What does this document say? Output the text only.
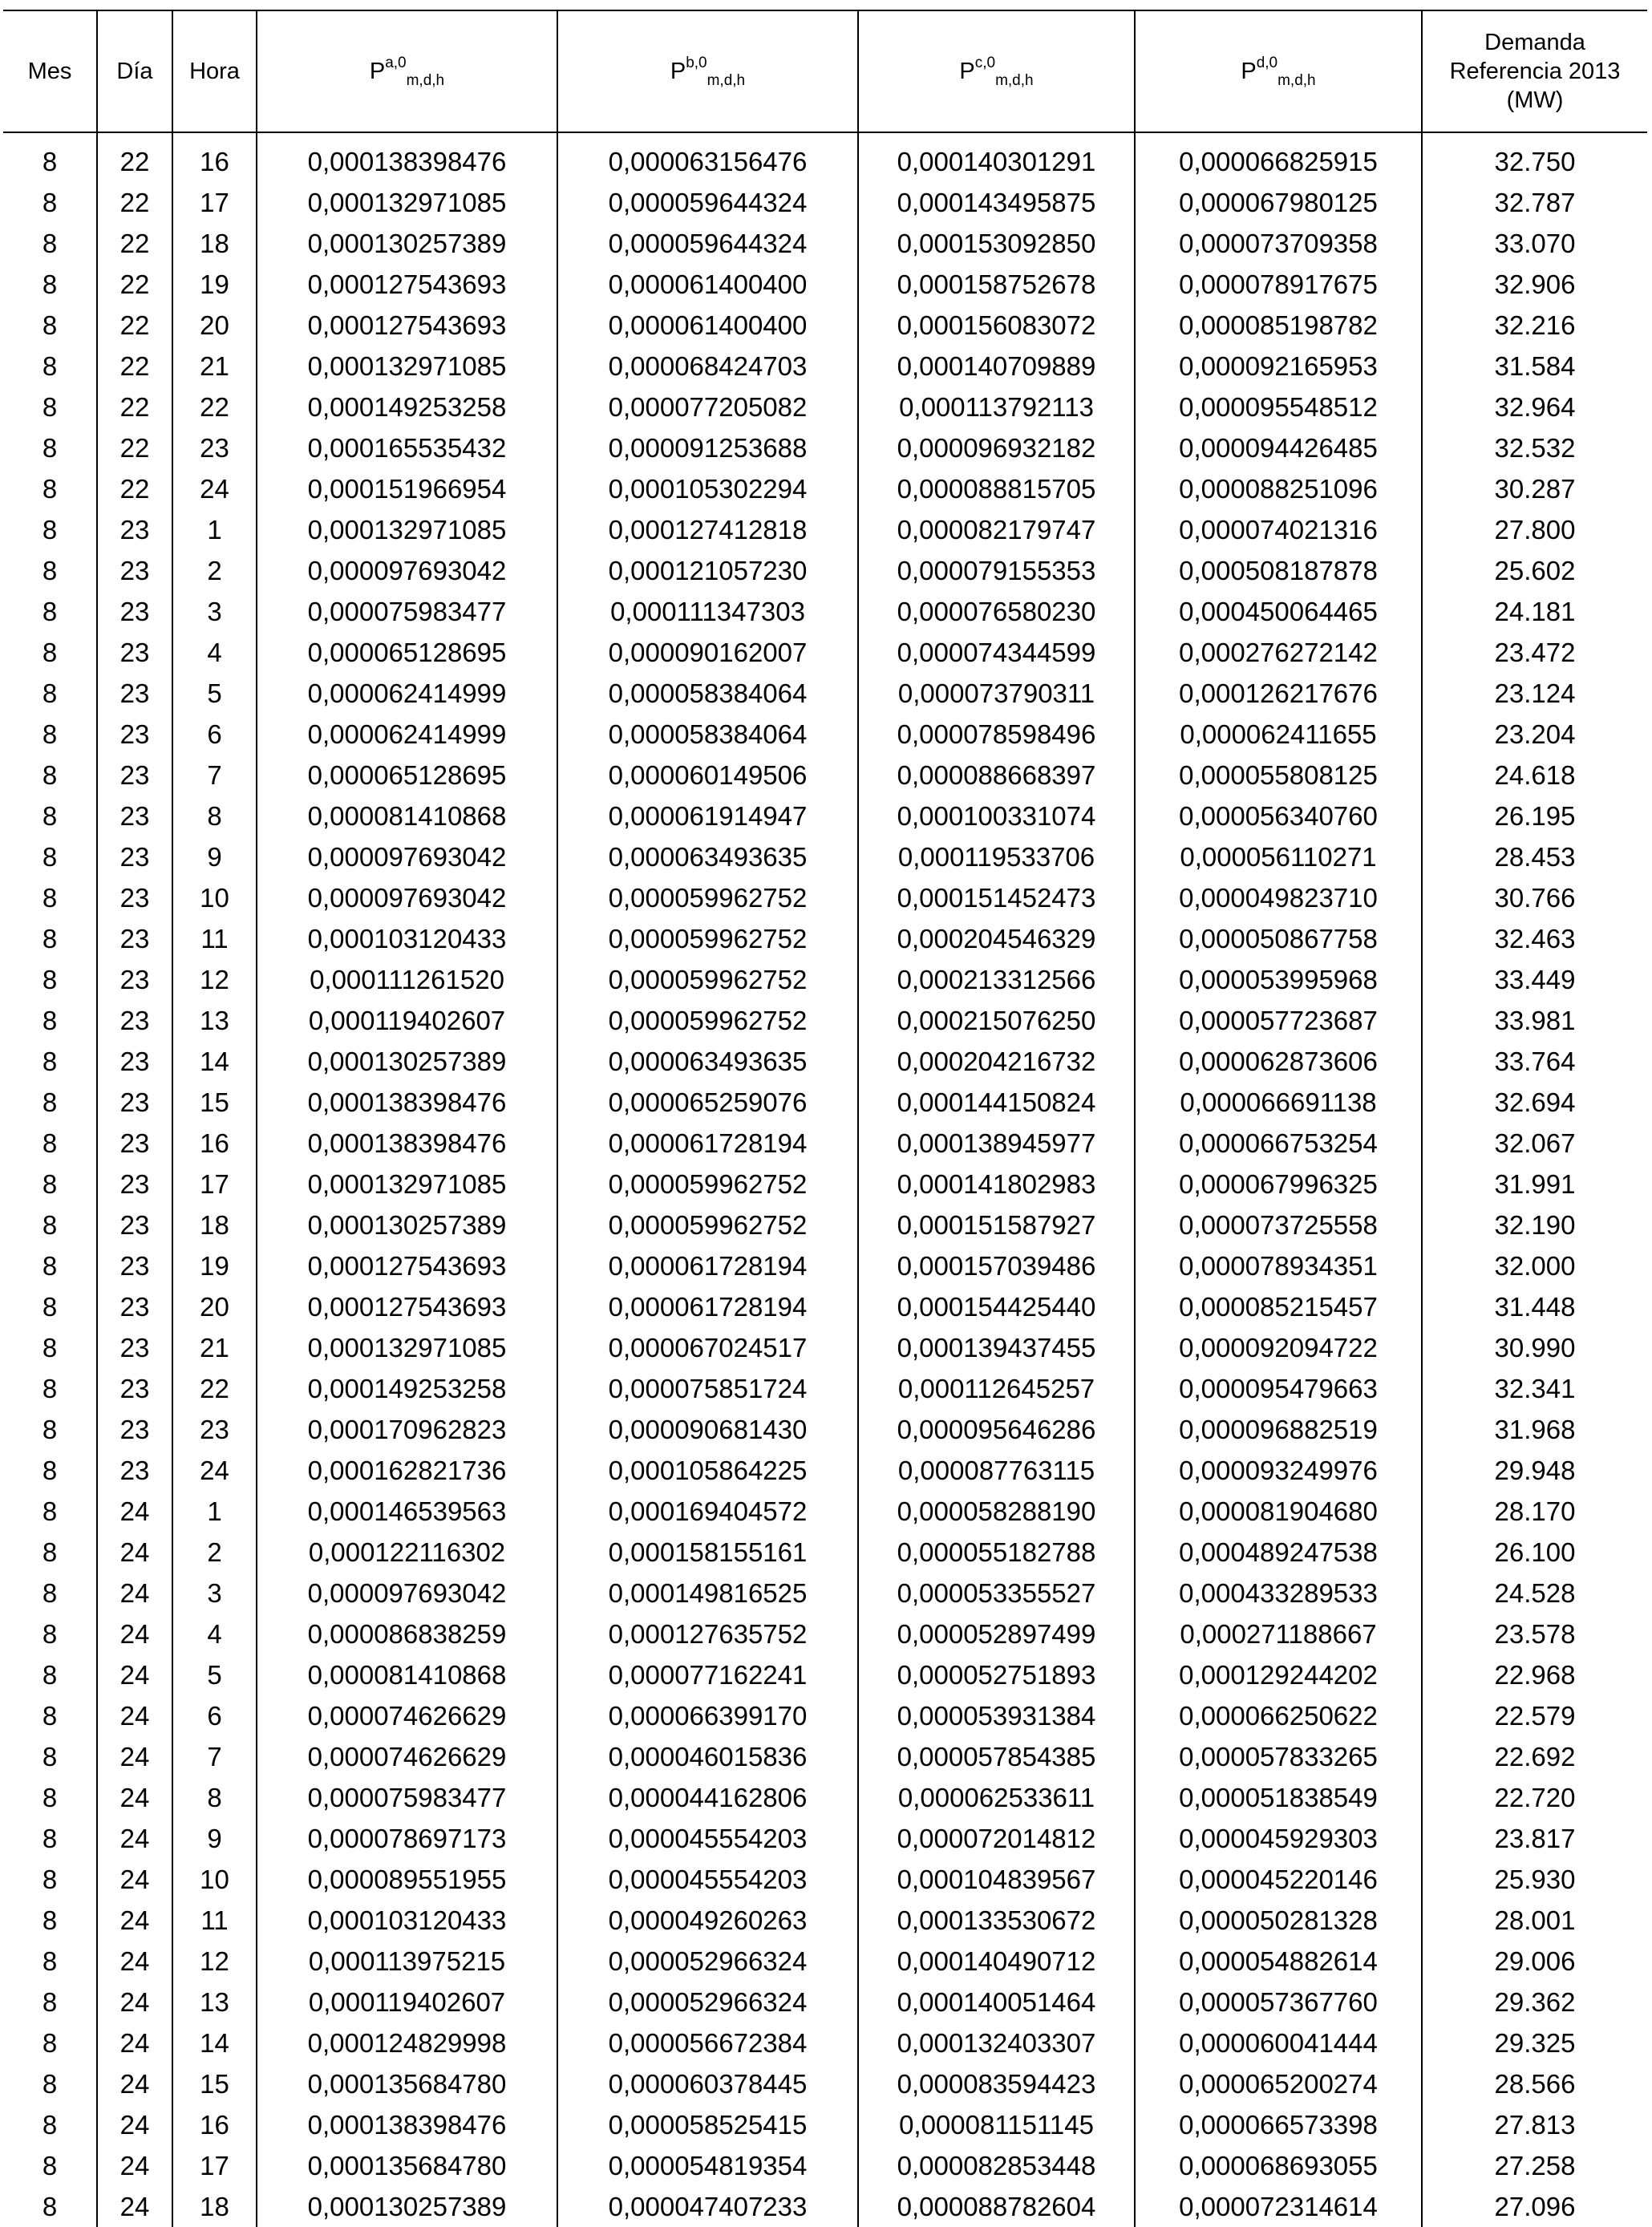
Mes	Día	Hora	P$^{a,0}_{m,d,h}$	P$^{b,0}_{m,d,h}$	P$^{c,0}_{m,d,h}$	P$^{d,0}_{m,d,h}$	Demanda
Referencia 2013
(MW)
8	22	16	0,000138398476	0,000063156476	0,000140301291	0,000066825915	32.750
8	22	17	0,000132971085	0,000059644324	0,000143495875	0,000067980125	32.787
8	22	18	0,000130257389	0,000059644324	0,000153092850	0,000073709358	33.070
8	22	19	0,000127543693	0,000061400400	0,000158752678	0,000078917675	32.906
8	22	20	0,000127543693	0,000061400400	0,000156083072	0,000085198782	32.216
8	22	21	0,000132971085	0,000068424703	0,000140709889	0,000092165953	31.584
8	22	22	0,000149253258	0,000077205082	0,000113792113	0,000095548512	32.964
8	22	23	0,000165535432	0,000091253688	0,000096932182	0,000094426485	32.532
8	22	24	0,000151966954	0,000105302294	0,000088815705	0,000088251096	30.287
8	23	1	0,000132971085	0,000127412818	0,000082179747	0,000074021316	27.800
8	23	2	0,000097693042	0,000121057230	0,000079155353	0,000508187878	25.602
8	23	3	0,000075983477	0,000111347303	0,000076580230	0,000450064465	24.181
8	23	4	0,000065128695	0,000090162007	0,000074344599	0,000276272142	23.472
8	23	5	0,000062414999	0,000058384064	0,000073790311	0,000126217676	23.124
8	23	6	0,000062414999	0,000058384064	0,000078598496	0,000062411655	23.204
8	23	7	0,000065128695	0,000060149506	0,000088668397	0,000055808125	24.618
8	23	8	0,000081410868	0,000061914947	0,000100331074	0,000056340760	26.195
8	23	9	0,000097693042	0,000063493635	0,000119533706	0,000056110271	28.453
8	23	10	0,000097693042	0,000059962752	0,000151452473	0,000049823710	30.766
8	23	11	0,000103120433	0,000059962752	0,000204546329	0,000050867758	32.463
8	23	12	0,000111261520	0,000059962752	0,000213312566	0,000053995968	33.449
8	23	13	0,000119402607	0,000059962752	0,000215076250	0,000057723687	33.981
8	23	14	0,000130257389	0,000063493635	0,000204216732	0,000062873606	33.764
8	23	15	0,000138398476	0,000065259076	0,000144150824	0,000066691138	32.694
8	23	16	0,000138398476	0,000061728194	0,000138945977	0,000066753254	32.067
8	23	17	0,000132971085	0,000059962752	0,000141802983	0,000067996325	31.991
8	23	18	0,000130257389	0,000059962752	0,000151587927	0,000073725558	32.190
8	23	19	0,000127543693	0,000061728194	0,000157039486	0,000078934351	32.000
8	23	20	0,000127543693	0,000061728194	0,000154425440	0,000085215457	31.448
8	23	21	0,000132971085	0,000067024517	0,000139437455	0,000092094722	30.990
8	23	22	0,000149253258	0,000075851724	0,000112645257	0,000095479663	32.341
8	23	23	0,000170962823	0,000090681430	0,000095646286	0,000096882519	31.968
8	23	24	0,000162821736	0,000105864225	0,000087763115	0,000093249976	29.948
8	24	1	0,000146539563	0,000169404572	0,000058288190	0,000081904680	28.170
8	24	2	0,000122116302	0,000158155161	0,000055182788	0,000489247538	26.100
8	24	3	0,000097693042	0,000149816525	0,000053355527	0,000433289533	24.528
8	24	4	0,000086838259	0,000127635752	0,000052897499	0,000271188667	23.578
8	24	5	0,000081410868	0,000077162241	0,000052751893	0,000129244202	22.968
8	24	6	0,000074626629	0,000066399170	0,000053931384	0,000066250622	22.579
8	24	7	0,000074626629	0,000046015836	0,000057854385	0,000057833265	22.692
8	24	8	0,000075983477	0,000044162806	0,000062533611	0,000051838549	22.720
8	24	9	0,000078697173	0,000045554203	0,000072014812	0,000045929303	23.817
8	24	10	0,000089551955	0,000045554203	0,000104839567	0,000045220146	25.930
8	24	11	0,000103120433	0,000049260263	0,000133530672	0,000050281328	28.001
8	24	12	0,000113975215	0,000052966324	0,000140490712	0,000054882614	29.006
8	24	13	0,000119402607	0,000052966324	0,000140051464	0,000057367760	29.362
8	24	14	0,000124829998	0,000056672384	0,000132403307	0,000060041444	29.325
8	24	15	0,000135684780	0,000060378445	0,000083594423	0,000065200274	28.566
8	24	16	0,000138398476	0,000058525415	0,000081151145	0,000066573398	27.813
8	24	17	0,000135684780	0,000054819354	0,000082853448	0,000068693055	27.258
8	24	18	0,000130257389	0,000047407233	0,000088782604	0,000072314614	27.096
